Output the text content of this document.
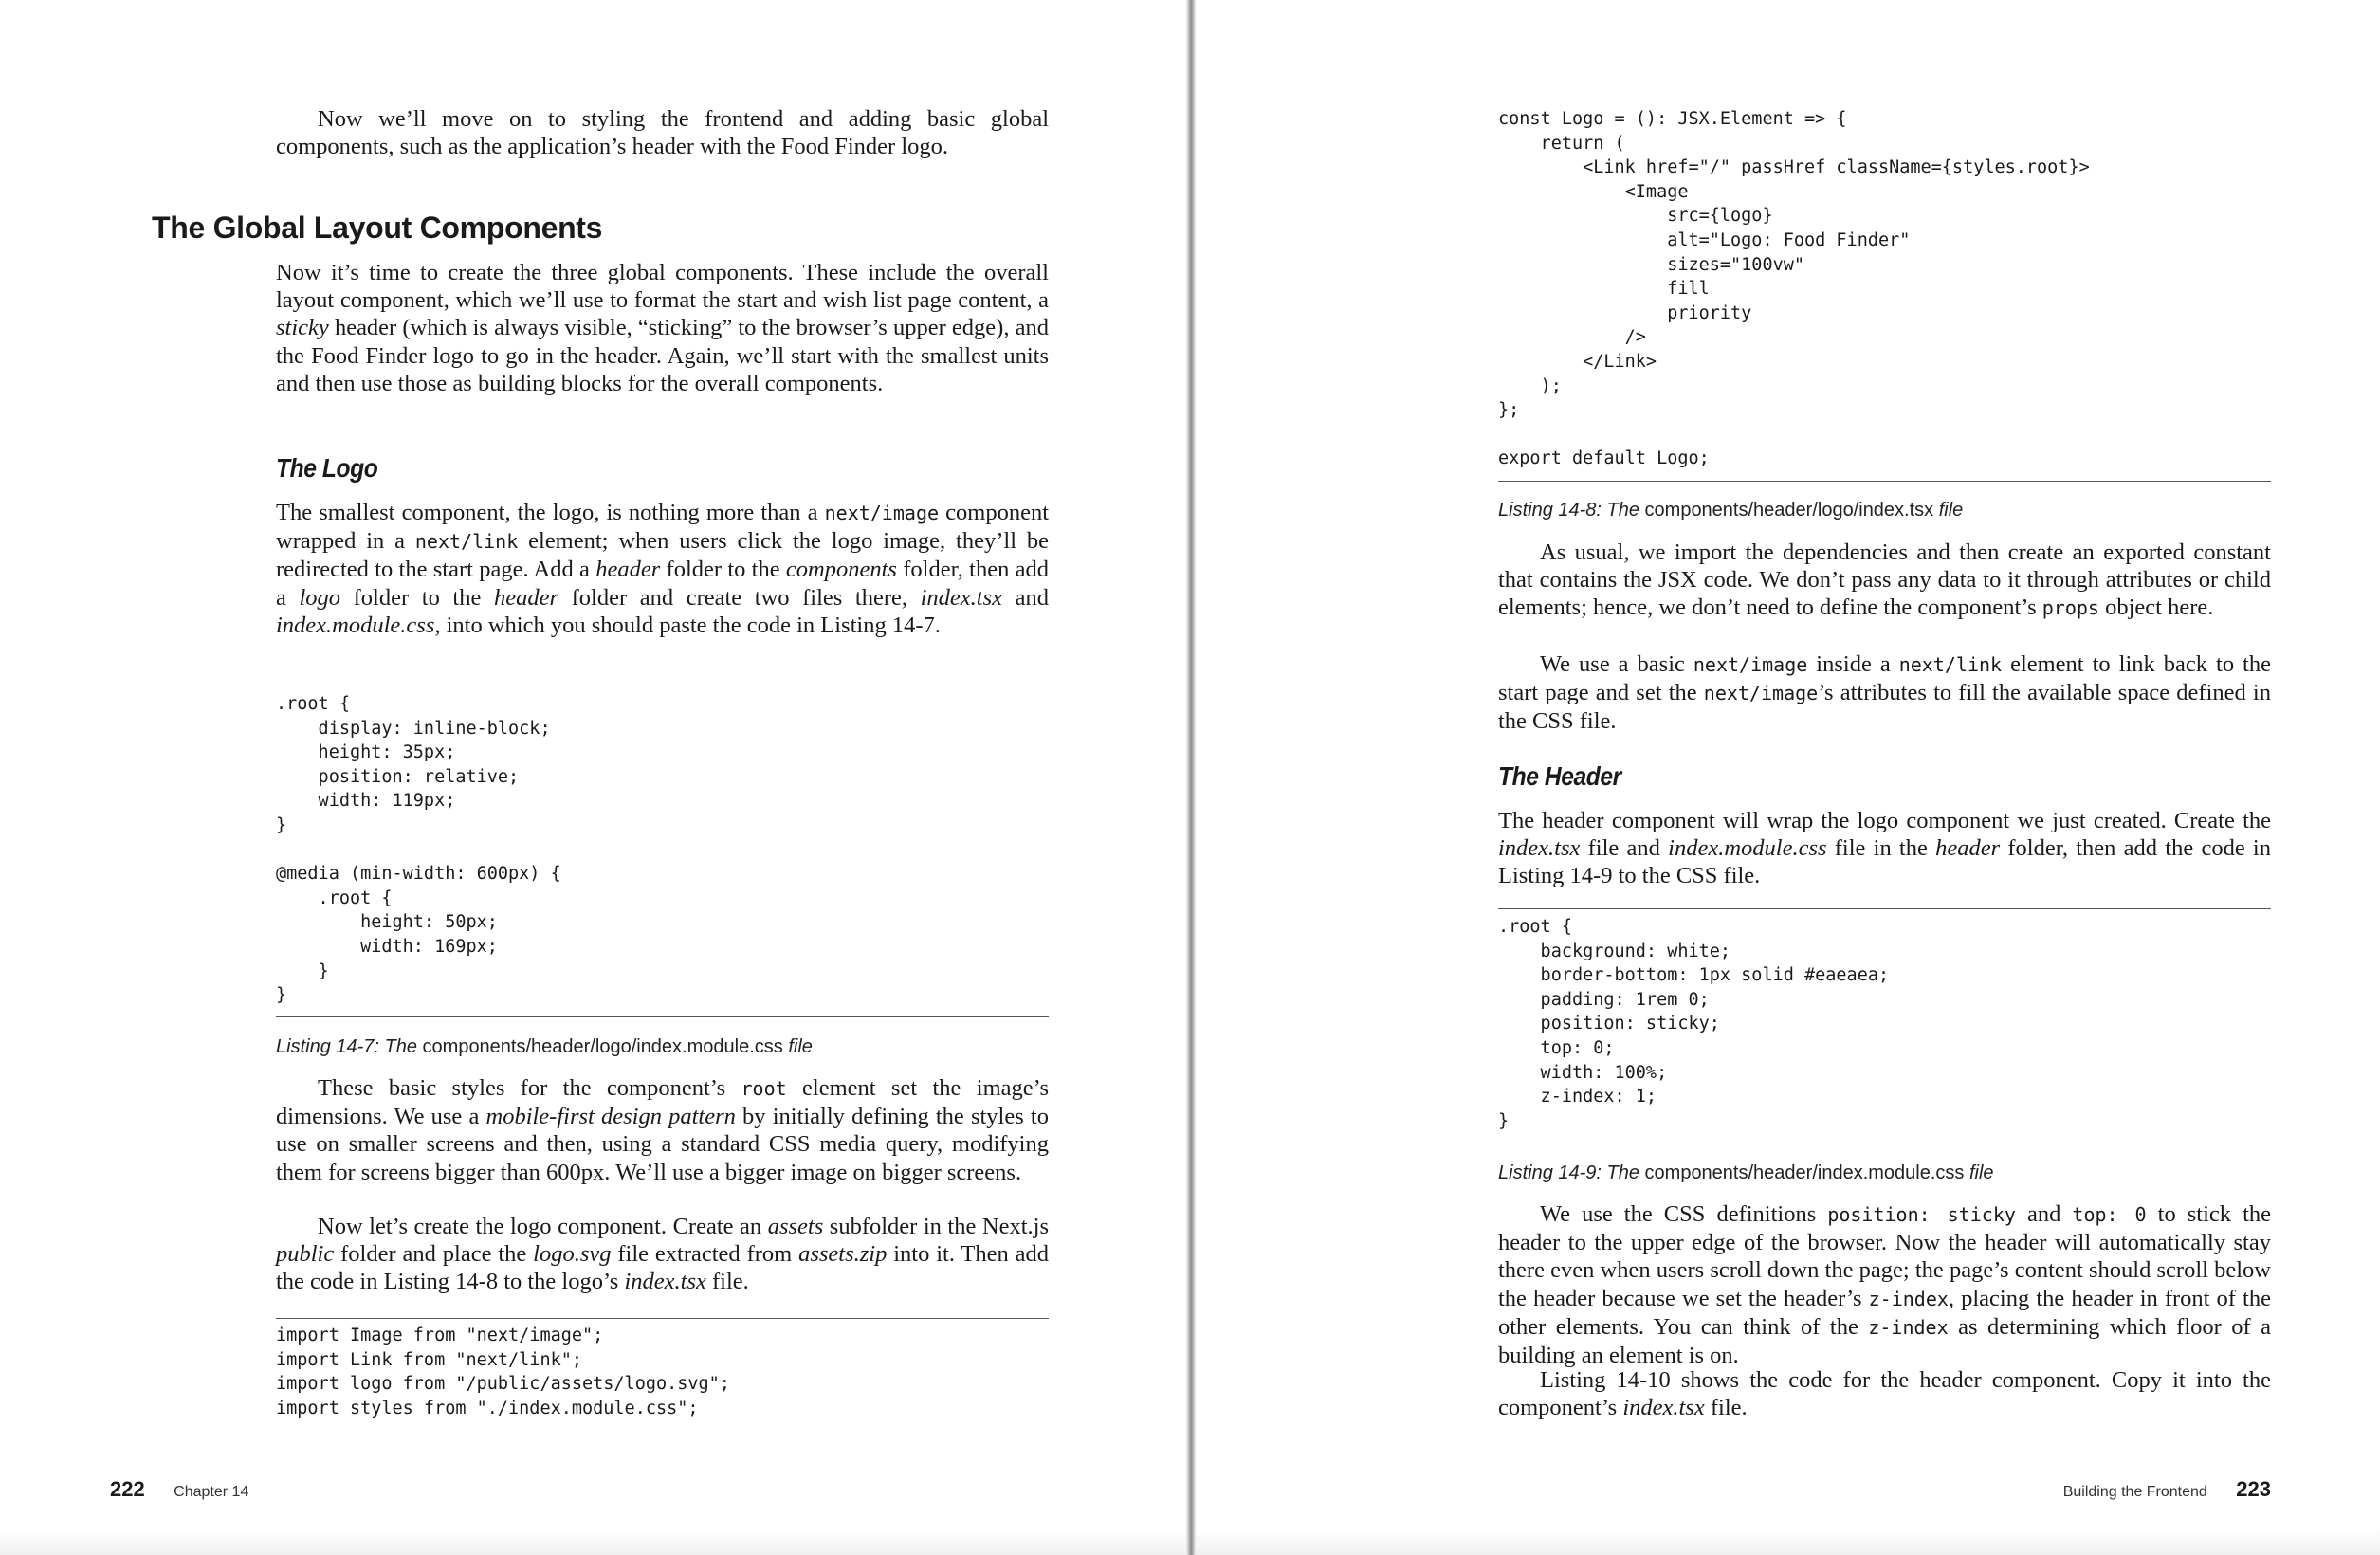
Now we’ll move on to styling the frontend and adding basic global components, such as the application’s header with the Food Finder logo.

The Global Layout Components

Now it’s time to create the three global components. These include the overall layout component, which we’ll use to format the start and wish list page content, a sticky header (which is always visible, “sticking” to the browser’s upper edge), and the Food Finder logo to go in the header. Again, we’ll start with the smallest units and then use those as building blocks for the overall components.

The Logo

The smallest component, the logo, is nothing more than a next/image component wrapped in a next/link element; when users click the logo image, they’ll be redirected to the start page. Add a header folder to the components folder, then add a logo folder to the header folder and create two files there, index.tsx and index.module.css, into which you should paste the code in Listing 14-7.

.root {
display: inline-block;
height: 35px;
position: relative;
width: 119px;
}

@media (min-width: 600px) {
.root {
height: 50px;
width: 169px;
}
}

Listing 14-7: The components/header/logo/index.module.css file

These basic styles for the component’s root element set the image’s dimensions. We use a mobile-first design pattern by initially defining the styles to use on smaller screens and then, using a standard CSS media query, modifying them for screens bigger than 600px. We’ll use a bigger image on bigger screens.

Now let’s create the logo component. Create an assets subfolder in the Next.js public folder and place the logo.svg file extracted from assets.zip into it. Then add the code in Listing 14-8 to the logo’s index.tsx file.

import Image from "next/image";
import Link from "next/link";
import logo from "/public/assets/logo.svg";
import styles from "./index.module.css";
222 Chapter 14
const Logo = (): JSX.Element => {
return (
<Link href="/" passHref className={styles.root}>
<Image
src={logo}
alt="Logo: Food Finder"
sizes="100vw"
fill
priority
/>
</Link>
);
};

export default Logo;

Listing 14-8: The components/header/logo/index.tsx file

As usual, we import the dependencies and then create an exported constant that contains the JSX code. We don’t pass any data to it through attributes or child elements; hence, we don’t need to define the component’s props object here.

We use a basic next/image inside a next/link element to link back to the start page and set the next/image’s attributes to fill the available space defined in the CSS file.

The Header

The header component will wrap the logo component we just created. Create the index.tsx file and index.module.css file in the header folder, then add the code in Listing 14-9 to the CSS file.

.root {
background: white;
border-bottom: 1px solid #eaeaea;
padding: 1rem 0;
position: sticky;
top: 0;
width: 100%;
z-index: 1;
}

Listing 14-9: The components/header/index.module.css file

We use the CSS definitions position: sticky and top: 0 to stick the header to the upper edge of the browser. Now the header will automatically stay there even when users scroll down the page; the page’s content should scroll below the header because we set the header’s z-index, placing the header in front of the other elements. You can think of the z-index as determining which floor of a building an element is on.

Listing 14-10 shows the code for the header component. Copy it into the component’s index.tsx file.

Building the Frontend 223
